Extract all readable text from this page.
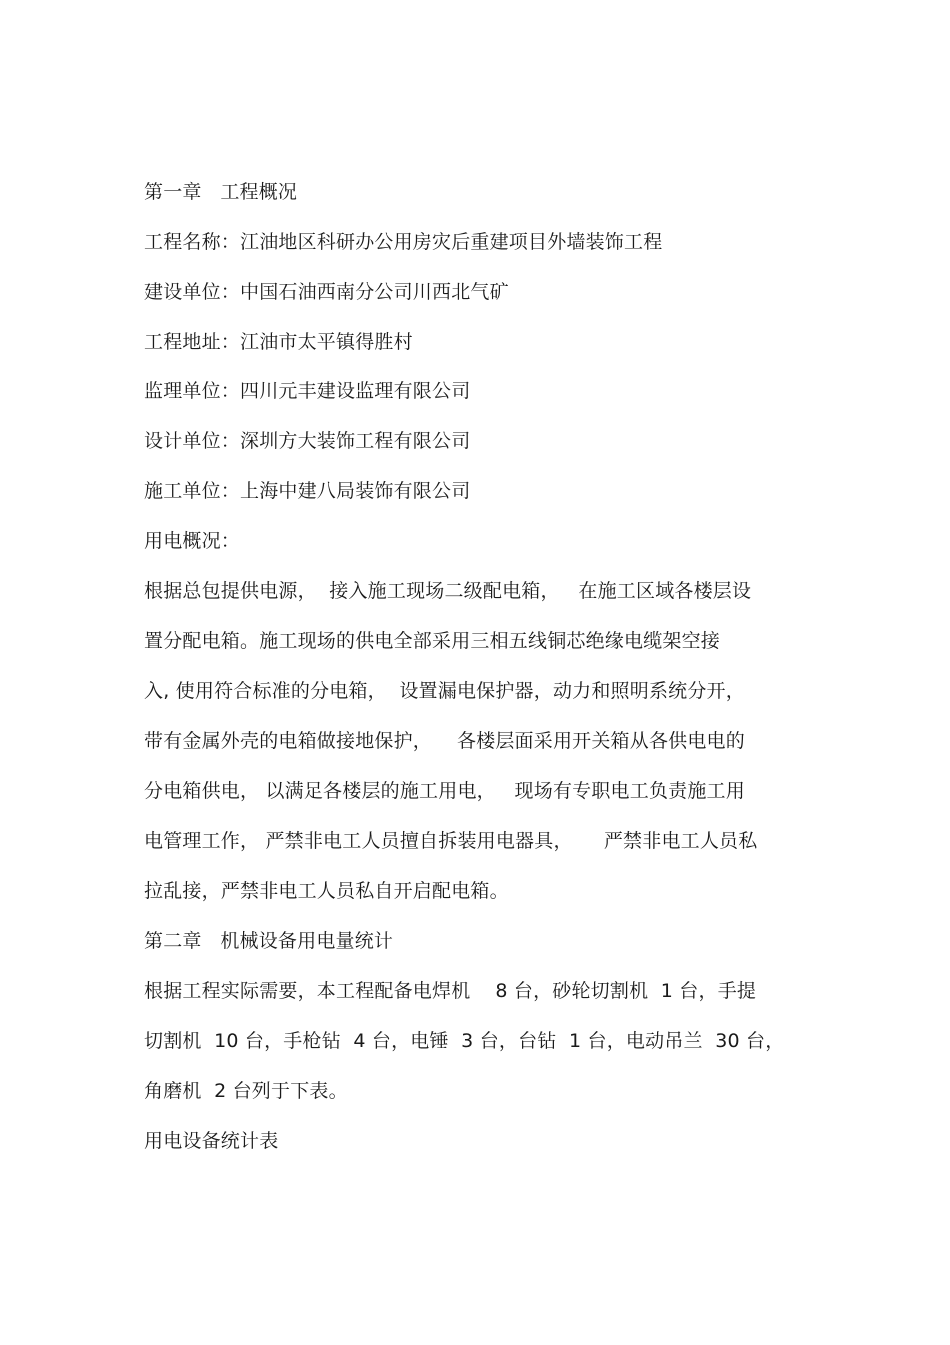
第一章   工程概况
工程名称：江油地区科研办公用房灾后重建项目外墙装饰工程
建设单位：中国石油西南分公司川西北气矿
工程地址：江油市太平镇得胜村
监理单位：四川元丰建设监理有限公司
设计单位：深圳方大装饰工程有限公司
施工单位：上海中建八局装饰有限公司
用电概况：
根据总包提供电源，  接入施工现场二级配电箱，   在施工区域各楼层设
置分配电箱。施工现场的供电全部采用三相五线铜芯绝缘电缆架空接
入, 使用符合标准的分电箱，  设置漏电保护器，动力和照明系统分开，
带有金属外壳的电箱做接地保护，    各楼层面采用开关箱从各供电电的
分电箱供电， 以满足各楼层的施工用电，   现场有专职电工负责施工用
电管理工作， 严禁非电工人员擅自拆装用电器具，     严禁非电工人员私
拉乱接，严禁非电工人员私自开启配电箱。
第二章   机械设备用电量统计
根据工程实际需要，本工程配备电焊机    8 台，砂轮切割机  1 台，手提
切割机  10 台，手枪钻  4 台，电锤  3 台，台钻  1 台，电动吊兰  30 台，
角磨机  2 台列于下表。
用电设备统计表
